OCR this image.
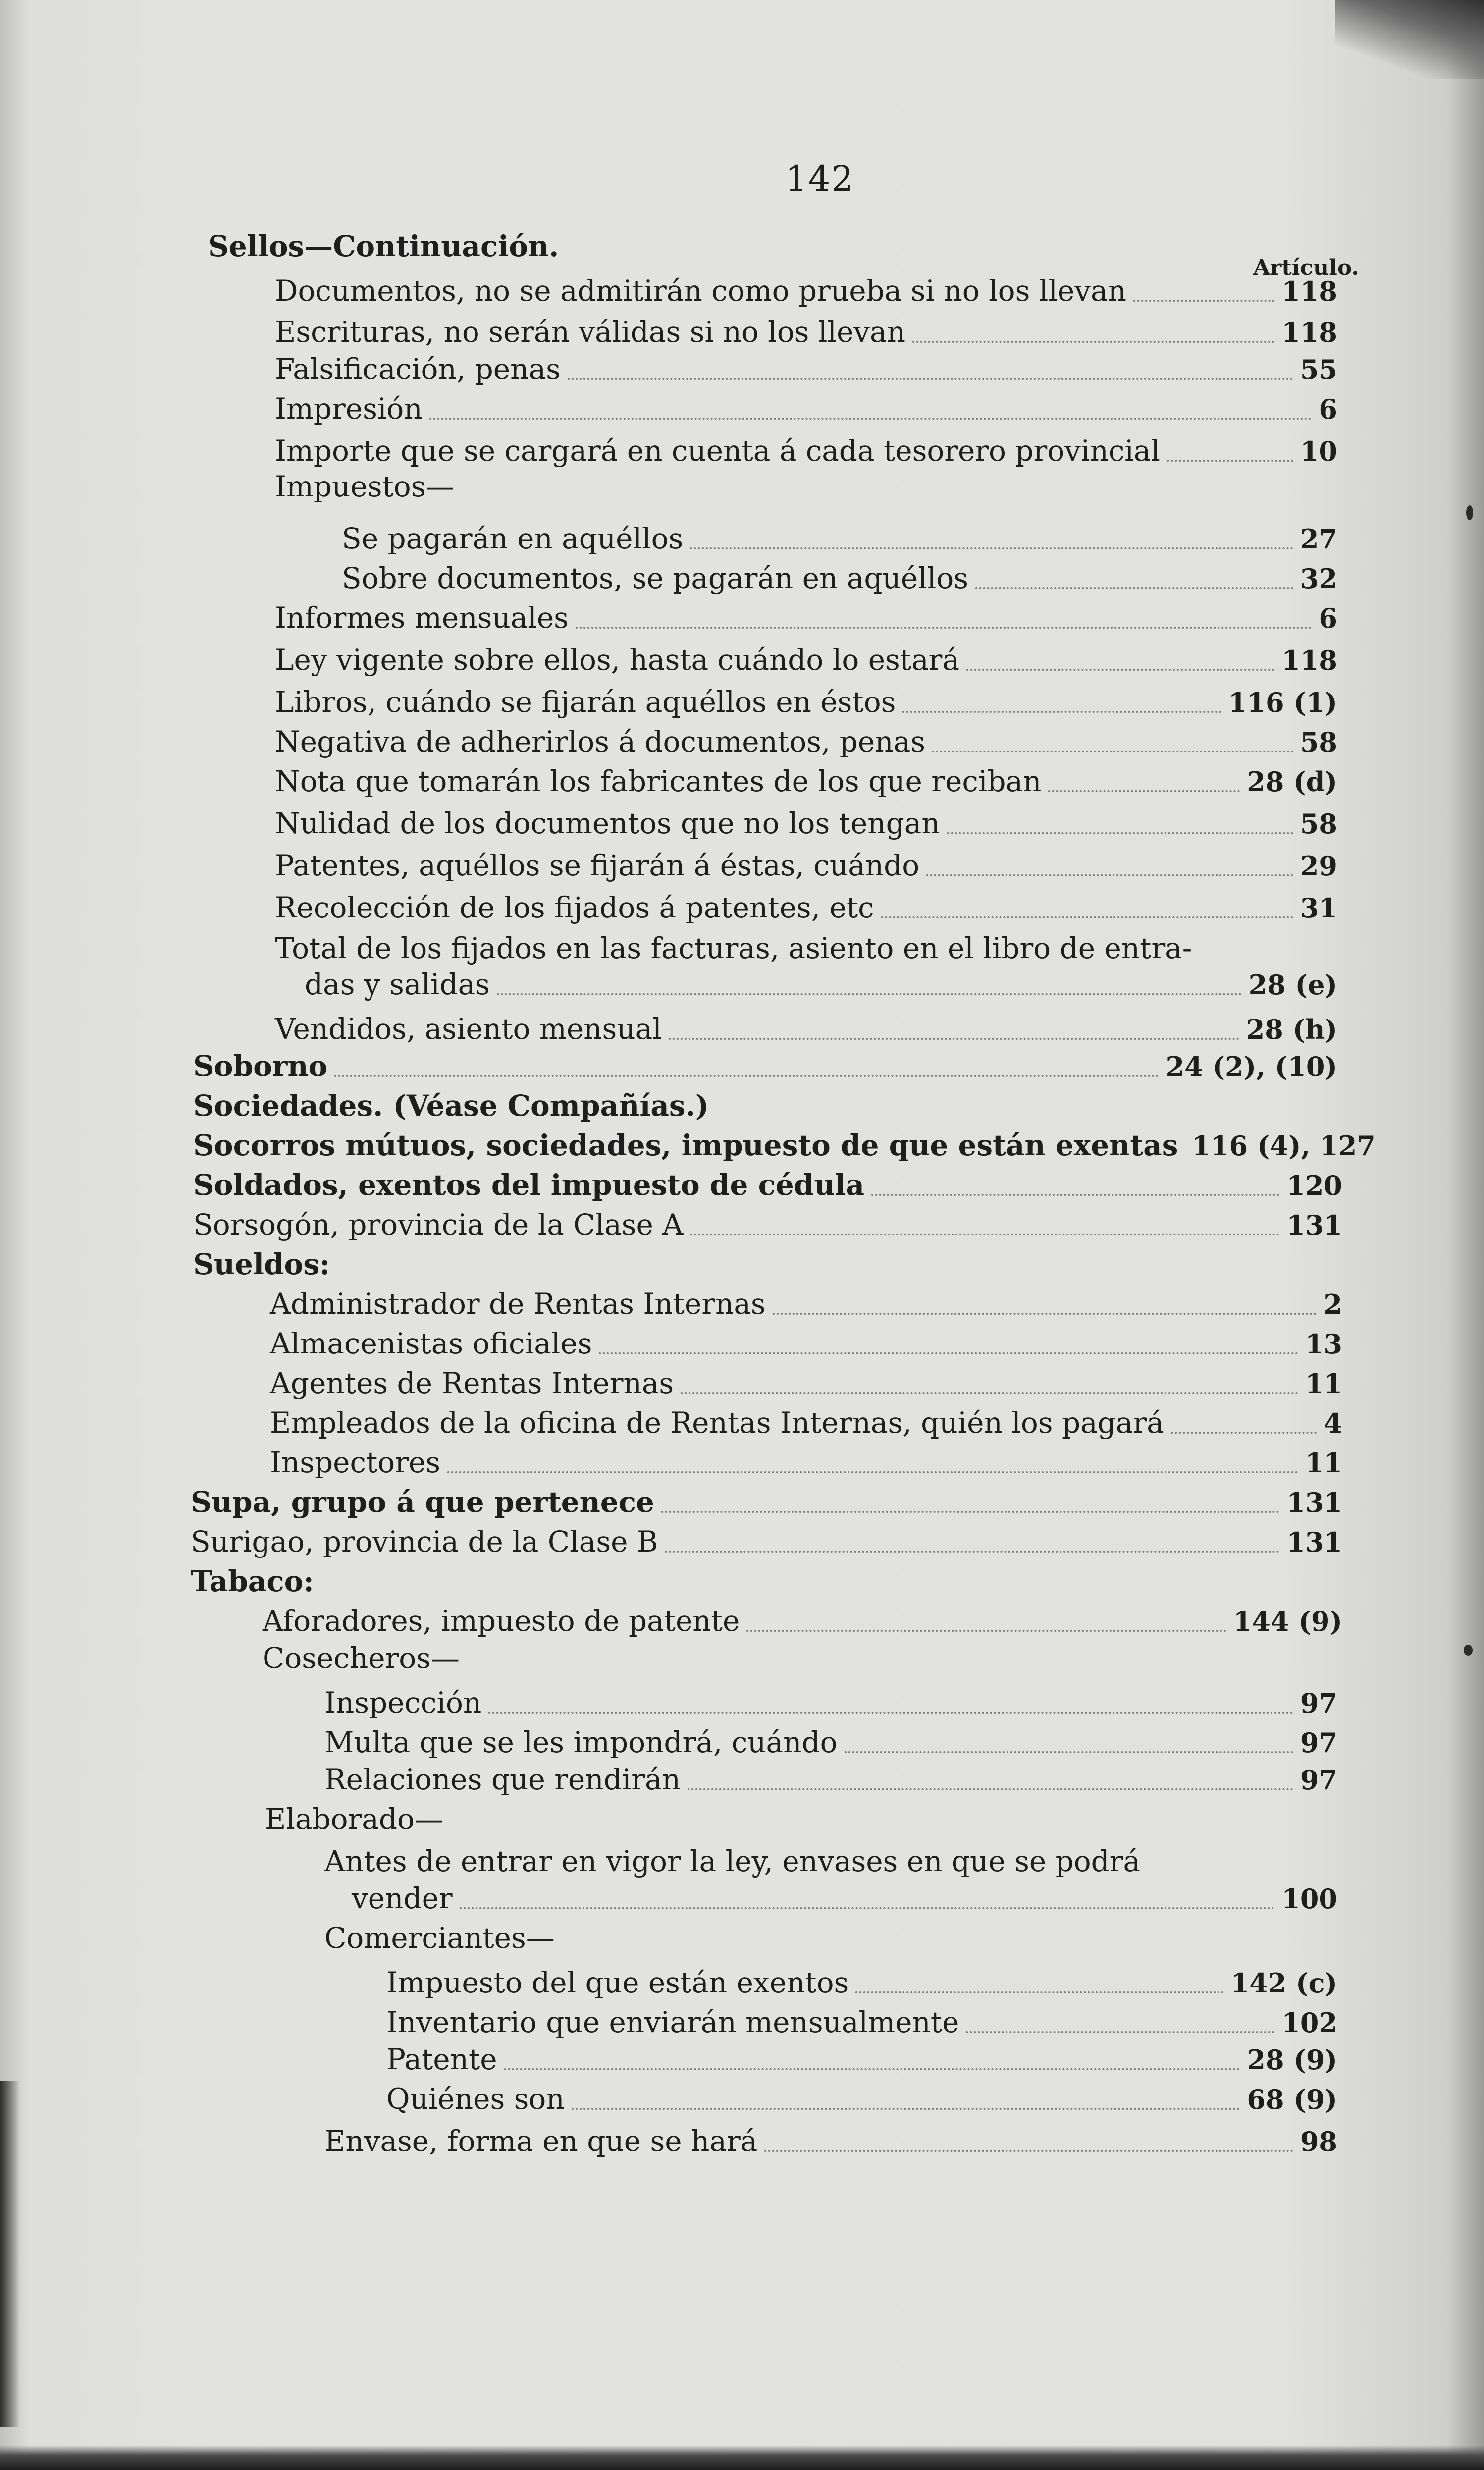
142
Artículo.
Sellos—Continuación.
Documentos, no se admitirán como prueba si no los llevan	118
Escrituras, no serán válidas si no los llevan	118
Falsificación, penas	55
Impresión	6
Importe que se cargará en cuenta á cada tesorero provincial	10
Impuestos—
Se pagarán en aquéllos	27
Sobre documentos, se pagarán en aquéllos	32
Informes mensuales	6
Ley vigente sobre ellos, hasta cuándo lo estará	118
Libros, cuándo se fijarán aquéllos en éstos	116 (1)
Negativa de adherirlos á documentos, penas	58
Nota que tomarán los fabricantes de los que reciban	28 (d)
Nulidad de los documentos que no los tengan	58
Patentes, aquéllos se fijarán á éstas, cuándo	29
Recolección de los fijados á patentes, etc	31
Total de los fijados en las facturas, asiento en el libro de entra-
das y salidas	28 (e)
Vendidos, asiento mensual	28 (h)
Soborno	24 (2), (10)
Sociedades. (Véase Compañías.)
Socorros mútuos, sociedades, impuesto de que están exentas 116 (4), 127
Soldados, exentos del impuesto de cédula	120
Sorsogón, provincia de la Clase A	131
Sueldos:
Administrador de Rentas Internas	2
Almacenistas oficiales	13
Agentes de Rentas Internas	11
Empleados de la oficina de Rentas Internas, quién los pagará	4
Inspectores	11
Supa, grupo á que pertenece	131
Surigao, provincia de la Clase B	131
Tabaco:
Aforadores, impuesto de patente	144 (9)
Cosecheros—
Inspección	97
Multa que se les impondrá, cuándo	97
Relaciones que rendirán	97
Elaborado—
Antes de entrar en vigor la ley, envases en que se podrá
vender	100
Comerciantes—
Impuesto del que están exentos	142 (c)
Inventario que enviarán mensualmente	102
Patente	28 (9)
Quiénes son	68 (9)
Envase, forma en que se hará	98
